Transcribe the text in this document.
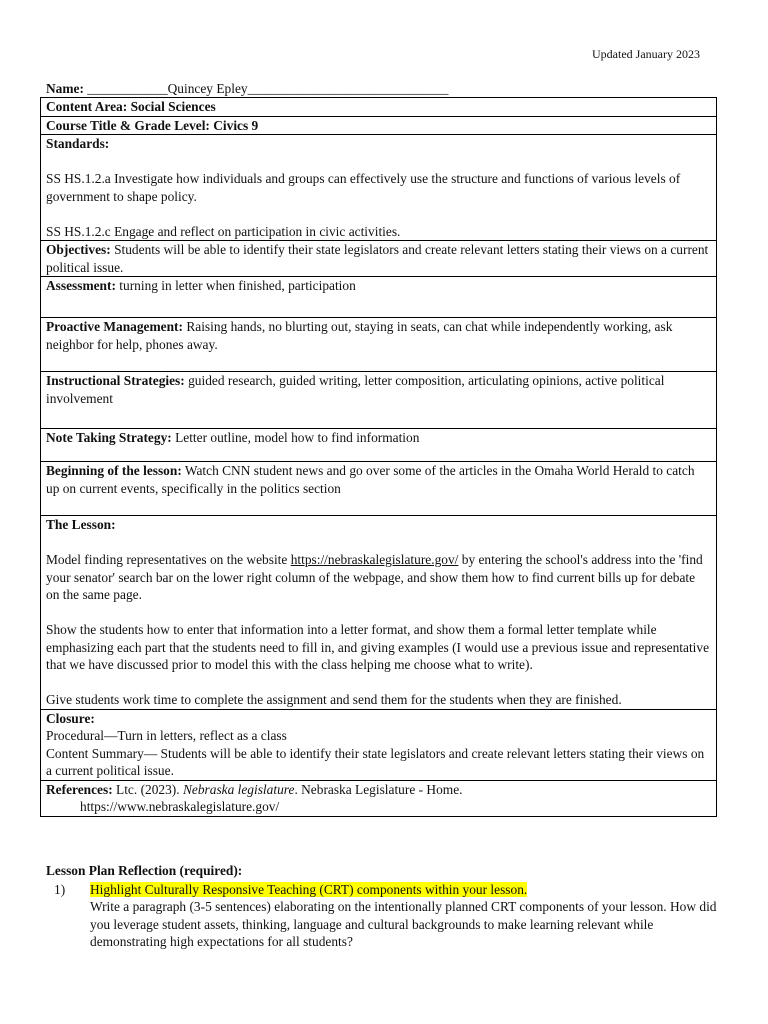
Updated January 2023
Name: ____________Quincey Epley______________________________
Content Area: Social Sciences
Course Title & Grade Level: Civics 9

Standards:
SS HS.1.2.a Investigate how individuals and groups can effectively use the structure and functions of various levels of government to shape policy.
SS HS.1.2.c Engage and reflect on participation in civic activities.

Objectives: Students will be able to identify their state legislators and create relevant letters stating their views on a current political issue.
Assessment: turning in letter when finished, participation
Proactive Management: Raising hands, no blurting out, staying in seats, can chat while independently working, ask neighbor for help, phones away.
Instructional Strategies: guided research, guided writing, letter composition, articulating opinions, active political involvement
Note Taking Strategy: Letter outline, model how to find information
Beginning of the lesson: Watch CNN student news and go over some of the articles in the Omaha World Herald to catch up on current events, specifically in the politics section

The Lesson:
Model finding representatives on the website https://nebraskalegislature.gov/ by entering the school's address into the 'find your senator' search bar on the lower right column of the webpage, and show them how to find current bills up for debate on the same page.
Show the students how to enter that information into a letter format, and show them a formal letter template while emphasizing each part that the students need to fill in, and giving examples (I would use a previous issue and representative that we have discussed prior to model this with the class helping me choose what to write).
Give students work time to complete the assignment and send them for the students when they are finished.

Closure:
Procedural—Turn in letters, reflect as a class
Content Summary— Students will be able to identify their state legislators and create relevant letters stating their views on a current political issue.

References: Ltc. (2023). Nebraska legislature. Nebraska Legislature - Home.
https://www.nebraskalegislature.gov/
Lesson Plan Reflection (required):
1)	Highlight Culturally Responsive Teaching (CRT) components within your lesson.
Write a paragraph (3-5 sentences) elaborating on the intentionally planned CRT components of your lesson. How did you leverage student assets, thinking, language and cultural backgrounds to make learning relevant while demonstrating high expectations for all students?
